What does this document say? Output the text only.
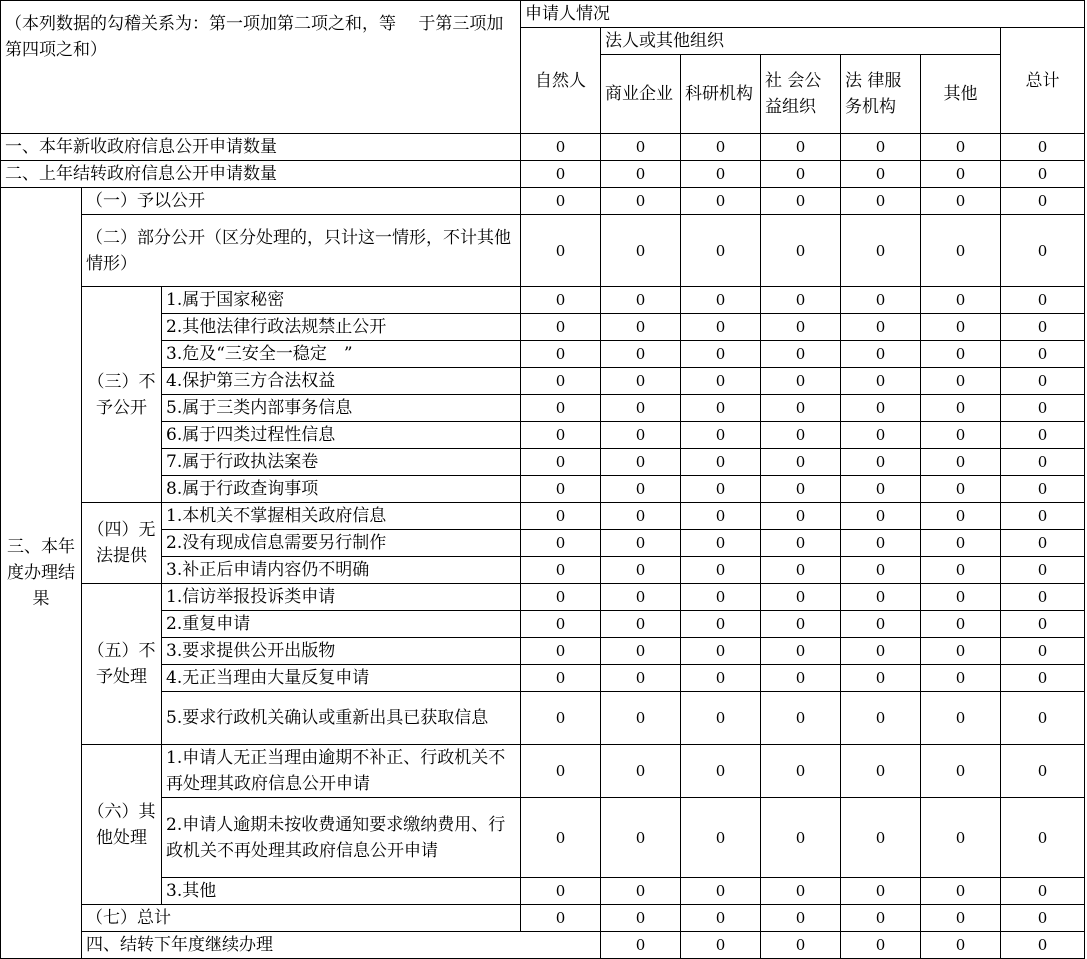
（本列数据的勾稽关系为：第一项加第二项之和，等　 于第三项加第四项之和）			申请人情况							
			自然人	法人或其他组织					总计	
				商业企业	科研机构	社 会公 益组织	法 律服 务机构	其他		

一、本年新收政府信息公开申请数量			0	0	0	0	0	0	0	
二、上年结转政府信息公开申请数量			0	0	0	0	0	0	0	
三、本年度办理结果	（一）予以公开		0	0	0	0	0	0	0	
	（二）部分公开（区分处理的，只计这一情形，不计其他情形）		0	0	0	0	0	0	0	
	（三）不予公开	1.属于国家秘密	0	0	0	0	0	0	0	
		2.其他法律行政法规禁止公开	0	0	0	0	0	0	0	
		3.危及“三安全一稳定　”	0	0	0	0	0	0	0	
		4.保护第三方合法权益	0	0	0	0	0	0	0	
		5.属于三类内部事务信息	0	0	0	0	0	0	0	
		6.属于四类过程性信息	0	0	0	0	0	0	0	
		7.属于行政执法案卷	0	0	0	0	0	0	0	
		8.属于行政查询事项	0	0	0	0	0	0	0	
	（四）无法提供	1.本机关不掌握相关政府信息	0	0	0	0	0	0	0	
		2.没有现成信息需要另行制作	0	0	0	0	0	0	0	
		3.补正后申请内容仍不明确	0	0	0	0	0	0	0	
	（五）不予处理	1.信访举报投诉类申请	0	0	0	0	0	0	0	
		2.重复申请	0	0	0	0	0	0	0	
		3.要求提供公开出版物	0	0	0	0	0	0	0	
		4.无正当理由大量反复申请	0	0	0	0	0	0	0	
		5.要求行政机关确认或重新出具已获取信息	0	0	0	0	0	0	0	
	（六）其他处理	1.申请人无正当理由逾期不补正、行政机关不再处理其政府信息公开申请	0	0	0	0	0	0	0	
		2.申请人逾期未按收费通知要求缴纳费用、行政机关不再处理其政府信息公开申请	0	0	0	0	0	0	0	
		3.其他	0	0	0	0	0	0	0	
	（七）总计		0	0	0	0	0	0	0	
	四、结转下年度继续办理			0	0	0	0	0	0	
